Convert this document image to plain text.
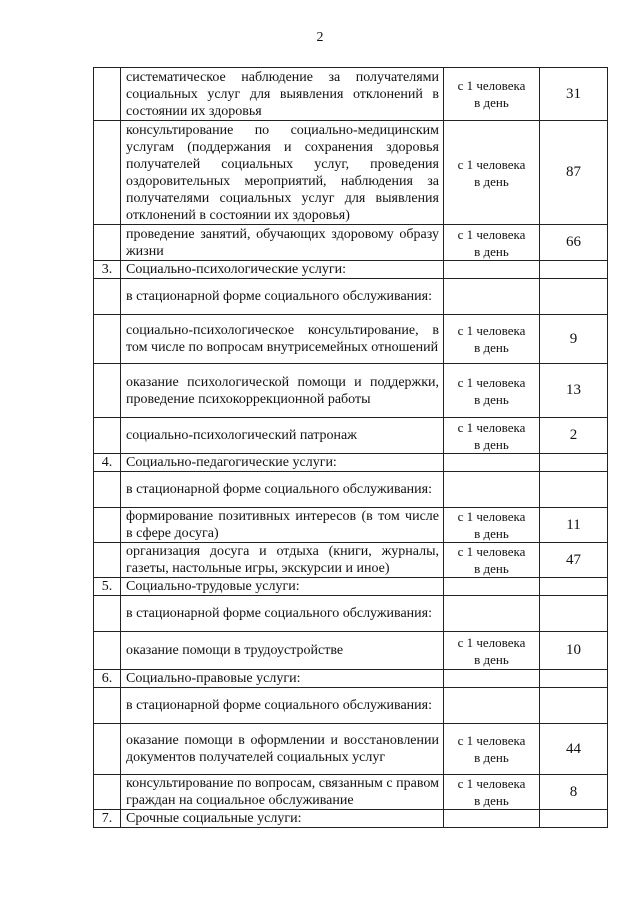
2

	систематическое наблюдение за получателями социальных услуг для выявления отклонений в состоянии их здоровья	с 1 человека
в день	31

	консультирование по социально-медицинским услугам (поддержания и сохранения здоровья получателей социальных услуг, проведения оздоровительных мероприятий, наблюдения за получателями социальных услуг для выявления отклонений в состоянии их здоровья)	с 1 человека
в день	87

	проведение занятий, обучающих здоровому образу жизни	с 1 человека
в день	66
3.	Социально-психологические услуги:		

	в стационарной форме социального обслуживания:		

	социально-психологическое консультирование, в том числе по вопросам внутрисемейных отношений	с 1 человека
в день	9

	оказание психологической помощи и поддержки, проведение психокоррекционной работы	с 1 человека
в день	13

	социально-психологический патронаж	с 1 человека
в день	2
4.	Социально-педагогические услуги:		

	в стационарной форме социального обслуживания:		

	формирование позитивных интересов (в том числе в сфере досуга)	с 1 человека
в день	11

	организация досуга и отдыха (книги, журналы, газеты, настольные игры, экскурсии и иное)	с 1 человека
в день	47
5.	Социально-трудовые услуги:		

	в стационарной форме социального обслуживания:		

	оказание помощи в трудоустройстве	с 1 человека
в день	10
6.	Социально-правовые услуги:		

	в стационарной форме социального обслуживания:		

	оказание помощи в оформлении и восстановлении документов получателей социальных услуг	с 1 человека
в день	44

	консультирование по вопросам, связанным с правом граждан на социальное обслуживание	с 1 человека
в день	8
7.	Срочные социальные услуги:		
